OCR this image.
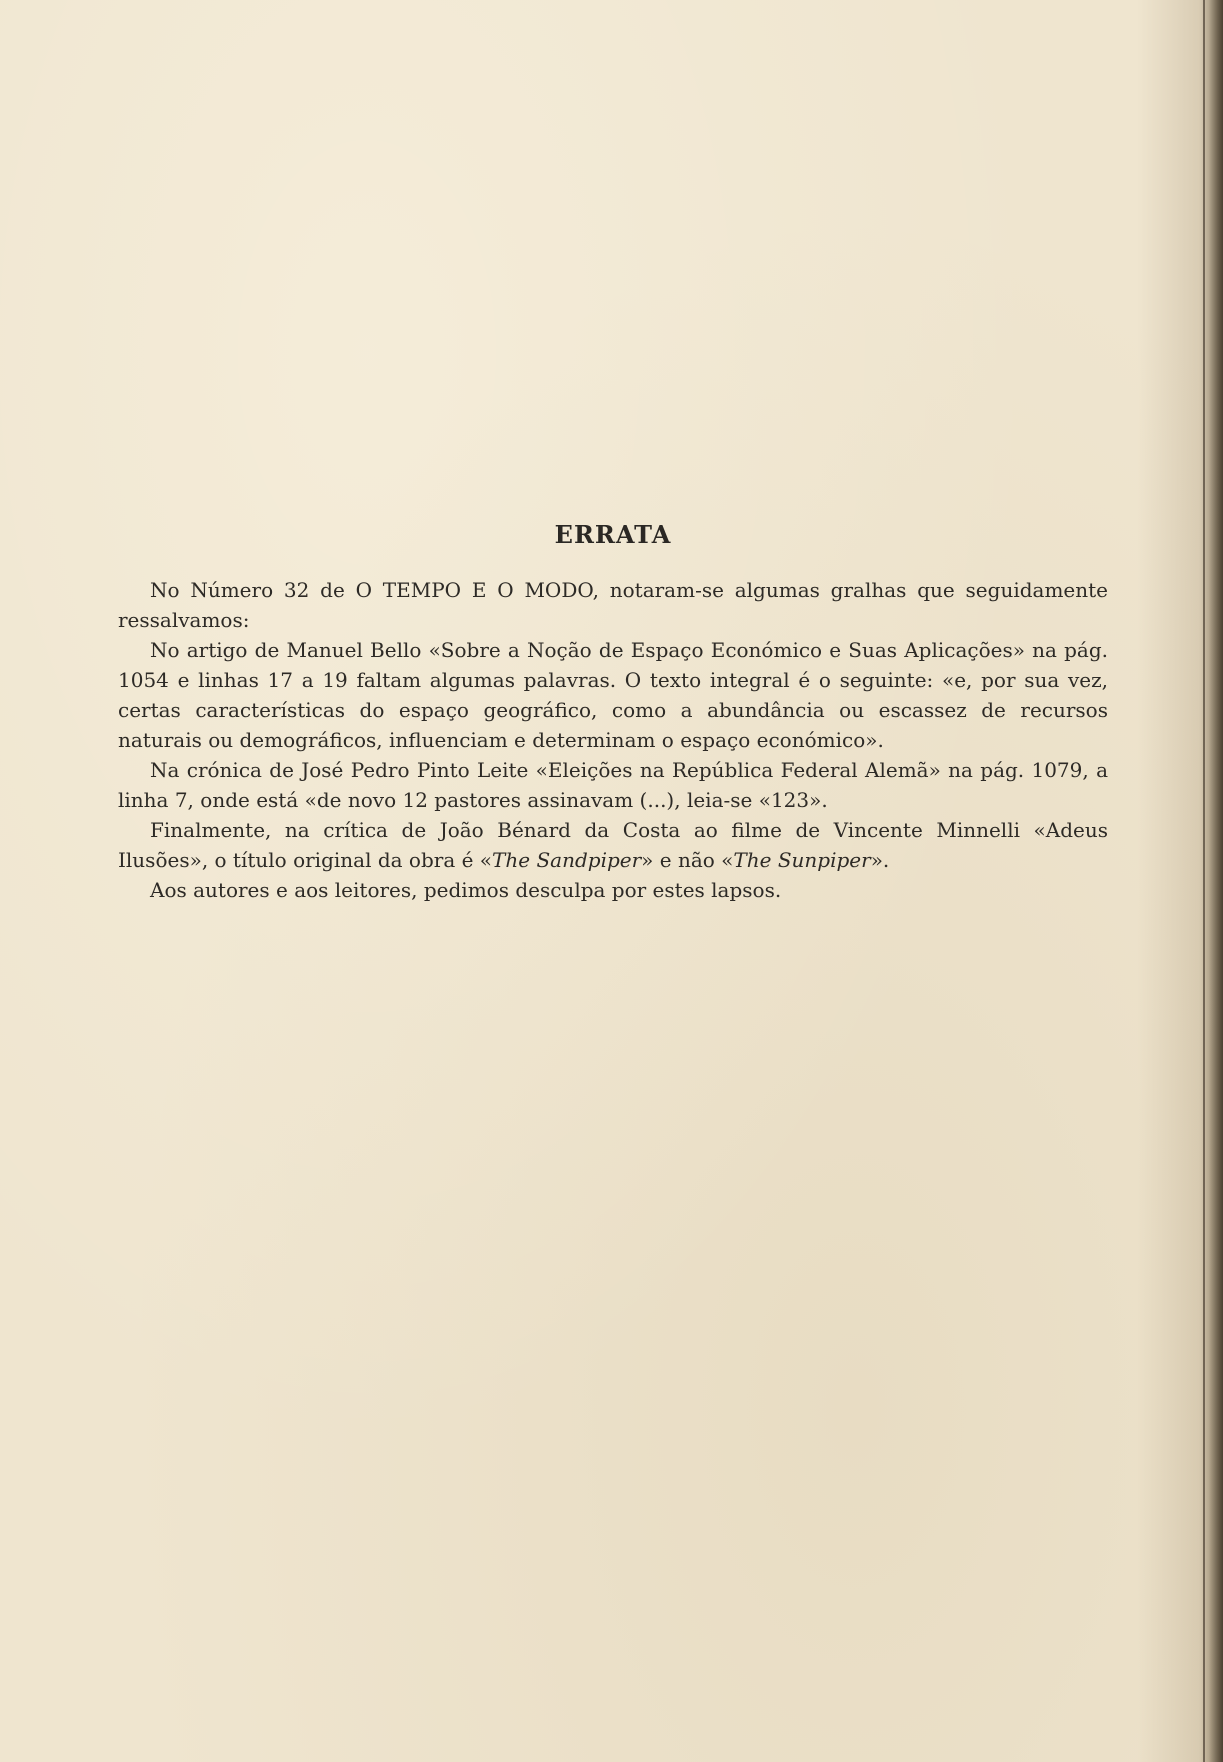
ERRATA

No Número 32 de O TEMPO E O MODO, notaram-se algumas gralhas que seguidamente ressalvamos:

No artigo de Manuel Bello «Sobre a Noção de Espaço Económico e Suas Aplicações» na pág. 1054 e linhas 17 a 19 faltam algumas palavras. O texto integral é o seguinte: «e, por sua vez, certas características do espaço geográfico, como a abundância ou escassez de recursos naturais ou demográficos, influenciam e determinam o espaço económico».

Na crónica de José Pedro Pinto Leite «Eleições na República Federal Alemã» na pág. 1079, a linha 7, onde está «de novo 12 pastores assinavam (...), leia-se «123».

Finalmente, na crítica de João Bénard da Costa ao filme de Vincente Minnelli «Adeus Ilusões», o título original da obra é «The Sandpiper» e não «The Sunpiper».

Aos autores e aos leitores, pedimos desculpa por estes lapsos.
